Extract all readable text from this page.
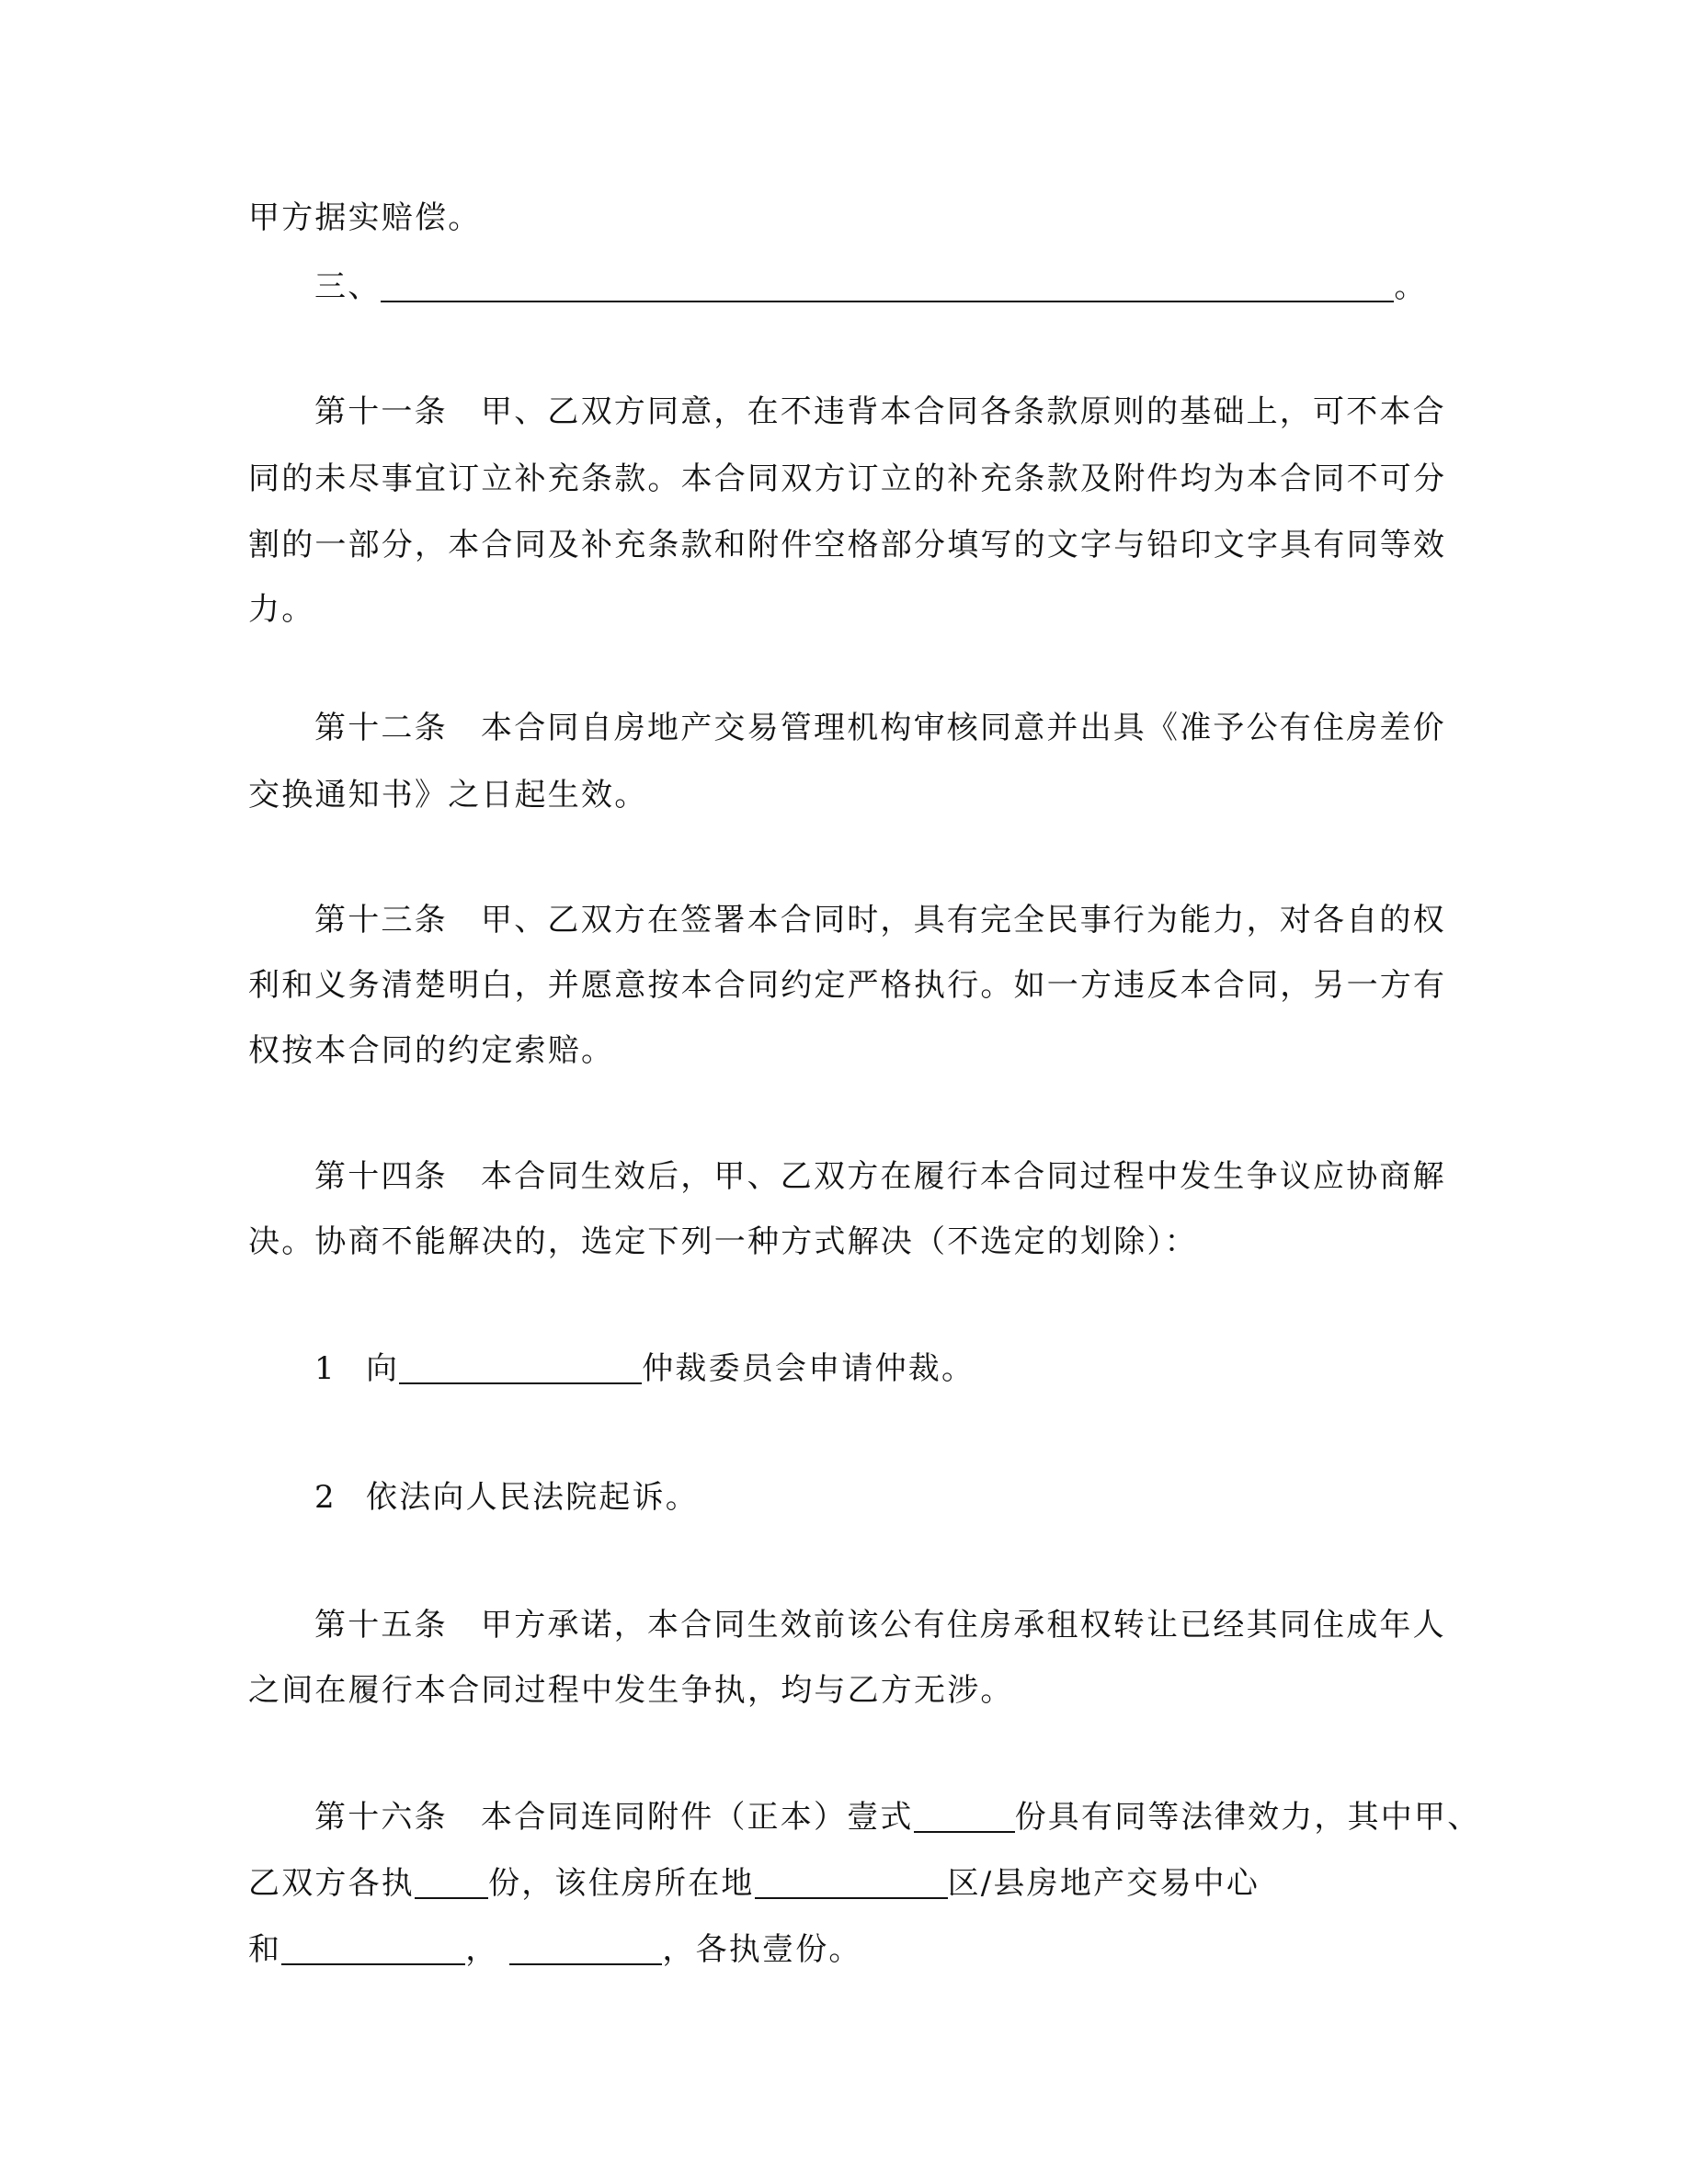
甲方据实赔偿。
三、	。
第十一条　甲、乙双方同意，在不违背本合同各条款原则的基础上，可不本合
同的未尽事宜订立补充条款。本合同双方订立的补充条款及附件均为本合同不可分
割的一部分，本合同及补充条款和附件空格部分填写的文字与铅印文字具有同等效
力。
第十二条　本合同自房地产交易管理机构审核同意并出具《准予公有住房差价
交换通知书》之日起生效。
第十三条　甲、乙双方在签署本合同时，具有完全民事行为能力，对各自的权
利和义务清楚明白，并愿意按本合同约定严格执行。如一方违反本合同，另一方有
权按本合同的约定索赔。
第十四条　本合同生效后，甲、乙双方在履行本合同过程中发生争议应协商解
决。协商不能解决的，选定下列一种方式解决（不选定的划除）：
1 向	仲裁委员会申请仲裁。
2 依法向人民法院起诉。
第十五条　甲方承诺，本合同生效前该公有住房承租权转让已经其同住成年人
之间在履行本合同过程中发生争执，均与乙方无涉。
第十六条　本合同连同附件（正本）壹式	份具有同等法律效力，其中甲、
乙双方各执 份，该住房所在地	区/县房地产交易中心
和	，	，各执壹份。
